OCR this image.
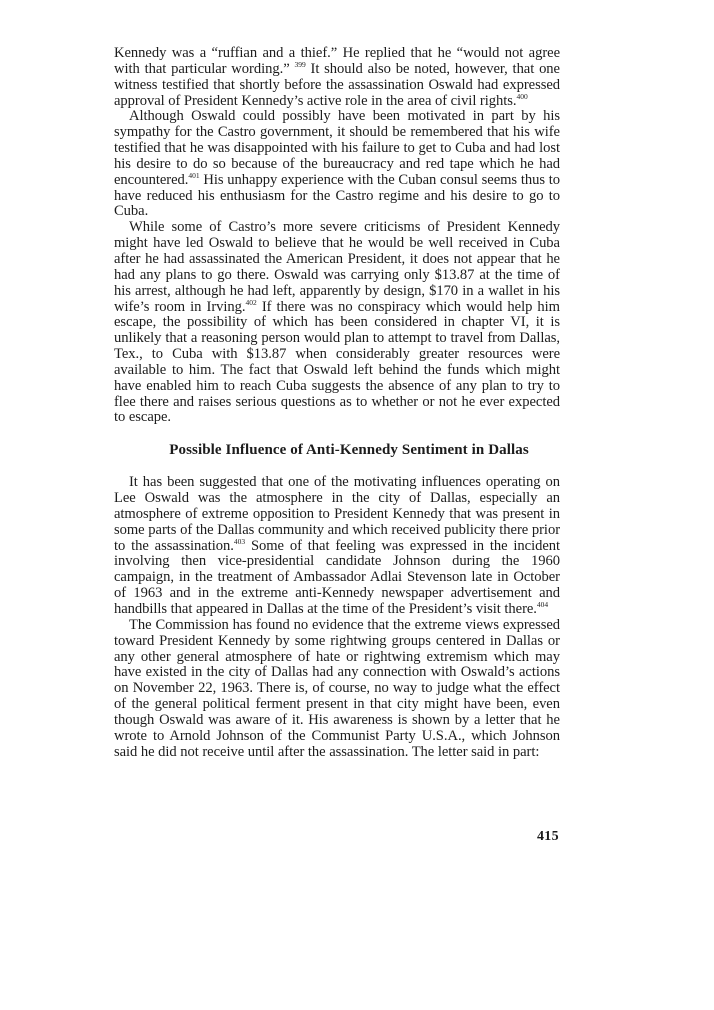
Kennedy was a “ruffian and a thief.” He replied that he “would not agree with that particular wording.” $^{399}$ It should also be noted, however, that one witness testified that shortly before the assassination Oswald had expressed approval of President Kennedy’s active role in the area of civil rights.$^{400}$

Although Oswald could possibly have been motivated in part by his sympathy for the Castro government, it should be remembered that his wife testified that he was disappointed with his failure to get to Cuba and had lost his desire to do so because of the bureaucracy and red tape which he had encountered.$^{401}$ His unhappy experience with the Cuban consul seems thus to have reduced his enthusiasm for the Castro regime and his desire to go to Cuba.

While some of Castro’s more severe criticisms of President Kennedy might have led Oswald to believe that he would be well received in Cuba after he had assassinated the American President, it does not appear that he had any plans to go there. Oswald was carrying only $13.87 at the time of his arrest, although he had left, apparently by design, $170 in a wallet in his wife’s room in Irving.$^{402}$ If there was no conspiracy which would help him escape, the possibility of which has been considered in chapter VI, it is unlikely that a reasoning person would plan to attempt to travel from Dallas, Tex., to Cuba with $13.87 when considerably greater resources were available to him. The fact that Oswald left behind the funds which might have enabled him to reach Cuba suggests the absence of any plan to try to flee there and raises serious questions as to whether or not he ever expected to escape.

Possible Influence of Anti-Kennedy Sentiment in Dallas

It has been suggested that one of the motivating influences operating on Lee Oswald was the atmosphere in the city of Dallas, especially an atmosphere of extreme opposition to President Kennedy that was present in some parts of the Dallas community and which received publicity there prior to the assassination.$^{403}$ Some of that feeling was expressed in the incident involving then vice-presidential candidate Johnson during the 1960 campaign, in the treatment of Ambassador Adlai Stevenson late in October of 1963 and in the extreme anti-Kennedy newspaper advertisement and handbills that appeared in Dallas at the time of the President’s visit there.$^{404}$

The Commission has found no evidence that the extreme views expressed toward President Kennedy by some rightwing groups centered in Dallas or any other general atmosphere of hate or rightwing extremism which may have existed in the city of Dallas had any connection with Oswald’s actions on November 22, 1963. There is, of course, no way to judge what the effect of the general political ferment present in that city might have been, even though Oswald was aware of it. His awareness is shown by a letter that he wrote to Arnold Johnson of the Communist Party U.S.A., which Johnson said he did not receive until after the assassination. The letter said in part:

415
